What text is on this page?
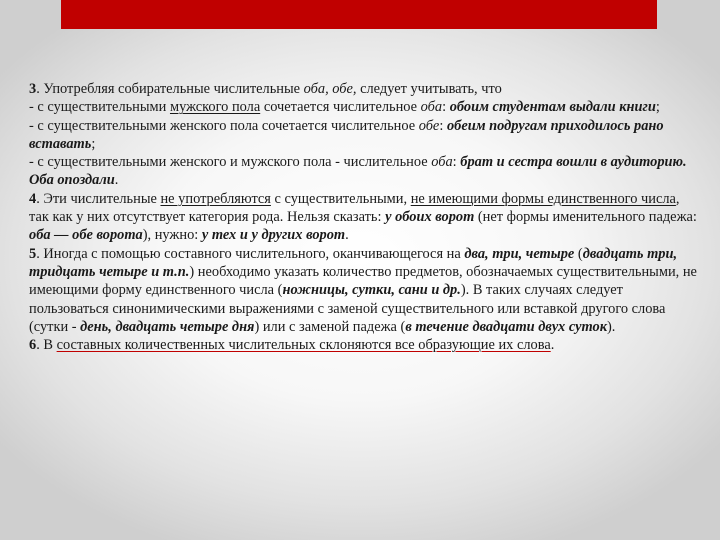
3. Употребляя собирательные числительные оба, обе, следует учитывать, что

- с существительными мужского пола сочетается числительное оба: обоим студентам выдали книги;

- с существительными женского пола сочетается числительное обе: обеим подругам приходилось рано вставать;

- с существительными женского и мужского пола - числительное оба: брат и сестра вошли в аудиторию. Оба опоздали.

4. Эти числительные не употребляются с существительными, не имеющими формы единственного числа, так как у них отсутствует категория рода. Нельзя сказать: у обоих ворот (нет формы именительного падежа: оба — обе ворота), нужно: у тех и у других ворот.

5. Иногда с помощью составного числительного, оканчивающегося на два, три, четыре (двадцать три, тридцать четыре и т.п.) необходимо указать количество предметов, обозначаемых существительными, не имеющими форму единственного числа (ножницы, сутки, сани и др.). В таких случаях следует пользоваться синонимическими выражениями с заменой существительного или вставкой другого слова (сутки - день, двадцать четыре дня) или с заменой падежа (в течение двадцати двух суток).

6. В составных количественных числительных склоняются все образующие их слова.
